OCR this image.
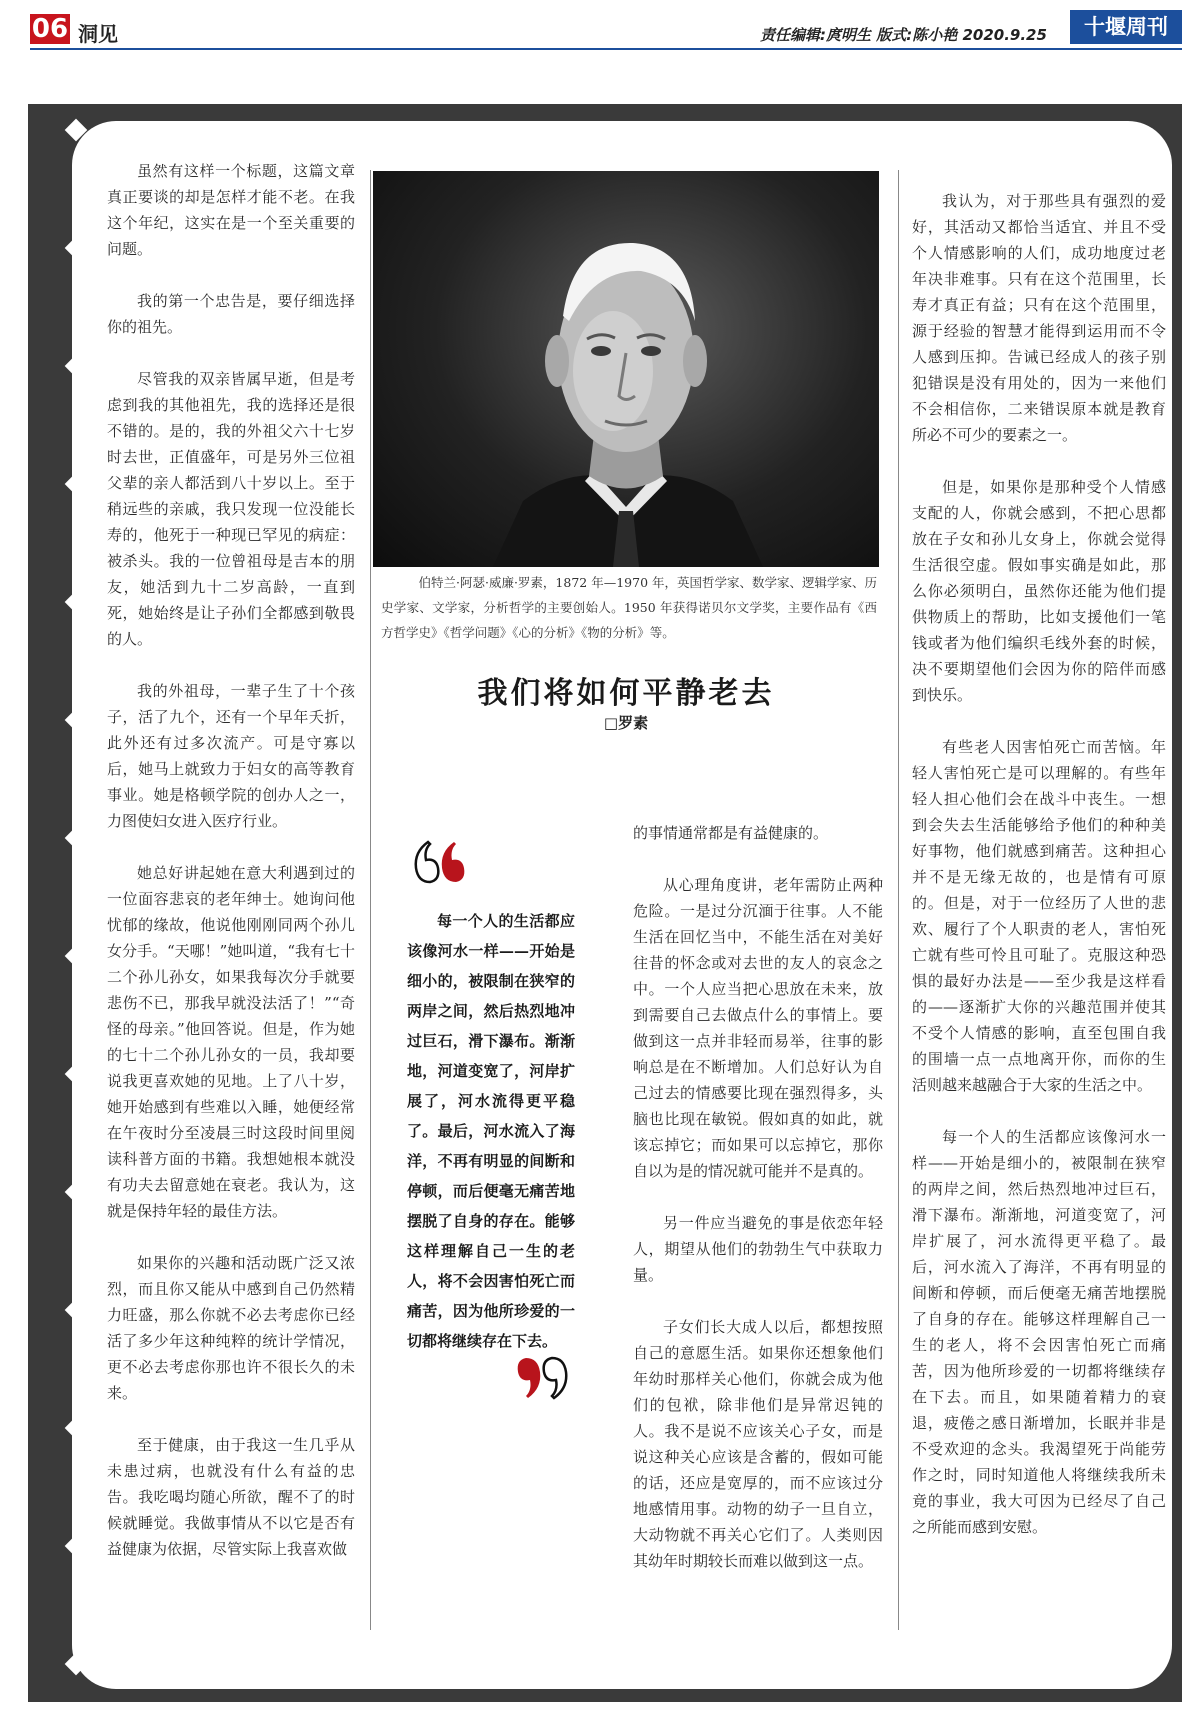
06 洞见	责任编辑:庹明生 版式:陈小艳 2020.9.25	十堰周刊

虽然有这样一个标题，这篇文章真正要谈的却是怎样才能不老。在我这个年纪，这实在是一个至关重要的问题。

我的第一个忠告是，要仔细选择你的祖先。

尽管我的双亲皆属早逝，但是考虑到我的其他祖先，我的选择还是很不错的。是的，我的外祖父六十七岁时去世，正值盛年，可是另外三位祖父辈的亲人都活到八十岁以上。至于稍远些的亲戚，我只发现一位没能长寿的，他死于一种现已罕见的病症：被杀头。我的一位曾祖母是吉本的朋友，她活到九十二岁高龄，一直到死，她始终是让子孙们全都感到敬畏的人。

我的外祖母，一辈子生了十个孩子，活了九个，还有一个早年夭折，此外还有过多次流产。可是守寡以后，她马上就致力于妇女的高等教育事业。她是格顿学院的创办人之一，力图使妇女进入医疗行业。

她总好讲起她在意大利遇到过的一位面容悲哀的老年绅士。她询问他忧郁的缘故，他说他刚刚同两个孙儿女分手。“天哪！”她叫道，“我有七十二个孙儿孙女，如果我每次分手就要悲伤不已，那我早就没法活了！”“奇怪的母亲。”他回答说。但是，作为她的七十二个孙儿孙女的一员，我却要说我更喜欢她的见地。上了八十岁，她开始感到有些难以入睡，她便经常在午夜时分至凌晨三时这段时间里阅读科普方面的书籍。我想她根本就没有功夫去留意她在衰老。我认为，这就是保持年轻的最佳方法。

如果你的兴趣和活动既广泛又浓烈，而且你又能从中感到自己仍然精力旺盛，那么你就不必去考虑你已经活了多少年这种纯粹的统计学情况，更不必去考虑你那也许不很长久的未来。

至于健康，由于我这一生几乎从未患过病，也就没有什么有益的忠告。我吃喝均随心所欲，醒不了的时候就睡觉。我做事情从不以它是否有益健康为依据，尽管实际上我喜欢做

伯特兰·阿瑟·威廉·罗素，1872 年—1970 年，英国哲学家、数学家、逻辑学家、历史学家、文学家，分析哲学的主要创始人。1950 年获得诺贝尔文学奖，主要作品有《西方哲学史》《哲学问题》《心的分析》《物的分析》等。
我们将如何平静老去
□罗素
每一个人的生活都应该像河水一样——开始是细小的，被限制在狭窄的两岸之间，然后热烈地冲过巨石，滑下瀑布。渐渐地，河道变宽了，河岸扩展了，河水流得更平稳了。最后，河水流入了海洋，不再有明显的间断和停顿，而后便毫无痛苦地摆脱了自身的存在。能够这样理解自己一生的老人，将不会因害怕死亡而痛苦，因为他所珍爱的一切都将继续存在下去。

的事情通常都是有益健康的。

从心理角度讲，老年需防止两种危险。一是过分沉湎于往事。人不能生活在回忆当中，不能生活在对美好往昔的怀念或对去世的友人的哀念之中。一个人应当把心思放在未来，放到需要自己去做点什么的事情上。要做到这一点并非轻而易举，往事的影响总是在不断增加。人们总好认为自己过去的情感要比现在强烈得多，头脑也比现在敏锐。假如真的如此，就该忘掉它；而如果可以忘掉它，那你自以为是的情况就可能并不是真的。

另一件应当避免的事是依恋年轻人，期望从他们的勃勃生气中获取力量。

子女们长大成人以后，都想按照自己的意愿生活。如果你还想象他们年幼时那样关心他们，你就会成为他们的包袱，除非他们是异常迟钝的人。我不是说不应该关心子女，而是说这种关心应该是含蓄的，假如可能的话，还应是宽厚的，而不应该过分地感情用事。动物的幼子一旦自立，大动物就不再关心它们了。人类则因其幼年时期较长而难以做到这一点。

我认为，对于那些具有强烈的爱好，其活动又都恰当适宜、并且不受个人情感影响的人们，成功地度过老年决非难事。只有在这个范围里，长寿才真正有益；只有在这个范围里，源于经验的智慧才能得到运用而不令人感到压抑。告诫已经成人的孩子别犯错误是没有用处的，因为一来他们不会相信你，二来错误原本就是教育所必不可少的要素之一。

但是，如果你是那种受个人情感支配的人，你就会感到，不把心思都放在子女和孙儿女身上，你就会觉得生活很空虚。假如事实确是如此，那么你必须明白，虽然你还能为他们提供物质上的帮助，比如支援他们一笔钱或者为他们编织毛线外套的时候，决不要期望他们会因为你的陪伴而感到快乐。

有些老人因害怕死亡而苦恼。年轻人害怕死亡是可以理解的。有些年轻人担心他们会在战斗中丧生。一想到会失去生活能够给予他们的种种美好事物，他们就感到痛苦。这种担心并不是无缘无故的，也是情有可原的。但是，对于一位经历了人世的悲欢、履行了个人职责的老人，害怕死亡就有些可怜且可耻了。克服这种恐惧的最好办法是——至少我是这样看的——逐渐扩大你的兴趣范围并使其不受个人情感的影响，直至包围自我的围墙一点一点地离开你，而你的生活则越来越融合于大家的生活之中。

每一个人的生活都应该像河水一样——开始是细小的，被限制在狭窄的两岸之间，然后热烈地冲过巨石，滑下瀑布。渐渐地，河道变宽了，河岸扩展了，河水流得更平稳了。最后，河水流入了海洋，不再有明显的间断和停顿，而后便毫无痛苦地摆脱了自身的存在。能够这样理解自己一生的老人，将不会因害怕死亡而痛苦，因为他所珍爱的一切都将继续存在下去。而且，如果随着精力的衰退，疲倦之感日渐增加，长眠并非是不受欢迎的念头。我渴望死于尚能劳作之时，同时知道他人将继续我所未竟的事业，我大可因为已经尽了自己之所能而感到安慰。
